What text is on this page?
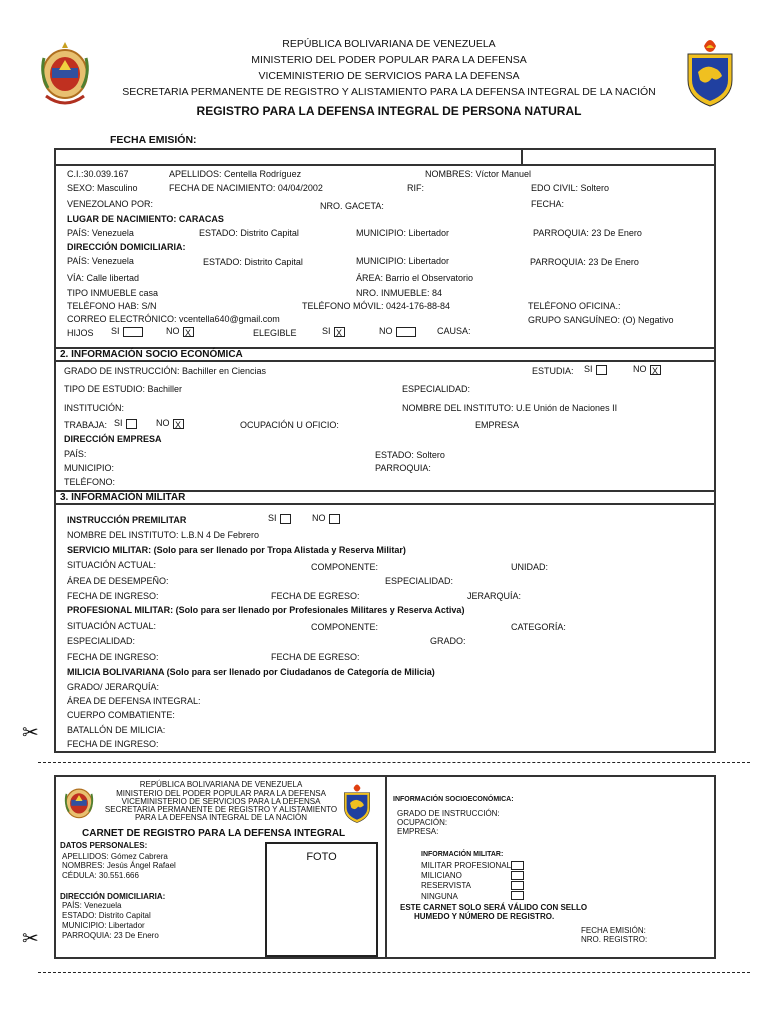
REPÚBLICA BOLIVARIANA DE VENEZUELA
MINISTERIO DEL PODER POPULAR PARA LA DEFENSA
VICEMINISTERIO DE SERVICIOS PARA LA DEFENSA
SECRETARIA PERMANENTE DE REGISTRO Y ALISTAMIENTO PARA LA DEFENSA INTEGRAL DE LA NACIÓN
REGISTRO PARA LA DEFENSA INTEGRAL DE PERSONA NATURAL
FECHA EMISIÓN:
C.I.:30.039.167	APELLIDOS: Centella Rodríguez	NOMBRES: Víctor Manuel
SEXO: Masculino	FECHA DE NACIMIENTO: 04/04/2002	RIF:	EDO CIVIL: Soltero
VENEZOLANO POR:	NRO. GACETA:	FECHA:
LUGAR DE NACIMIENTO: CARACAS
PAÍS: Venezuela	ESTADO: Distrito Capital	MUNICIPIO: Libertador	PARROQUIA: 23 De Enero
DIRECCIÓN DOMICILIARIA:
PAÍS: Venezuela	ESTADO: Distrito Capital	MUNICIPIO: Libertador	PARROQUIA: 23 De Enero
VÍA: Calle libertad	ÁREA: Barrio el Observatorio
TIPO INMUEBLE casa	NRO. INMUEBLE: 84
TELÉFONO HAB: S/N	TELÉFONO MÓVIL: 0424-176-88-84	TELÉFONO OFICINA.:
CORREO ELECTRÓNICO: vcentella640@gmail.com	GRUPO SANGUÍNEO: (O) Negativo
HIJOS SI	NO X	ELEGIBLE	SI X	NO	CAUSA:
2. INFORMACIÓN SOCIO ECONÓMICA
GRADO DE INSTRUCCIÓN: Bachiller en Ciencias	ESTUDIA: SI	NO X
TIPO DE ESTUDIO: Bachiller	ESPECIALIDAD:
INSTITUCIÓN:	NOMBRE DEL INSTITUTO: U.E Unión de Naciones II
TRABAJA: SI	NO X	OCUPACIÓN U OFICIO:	EMPRESA
DIRECCIÓN EMPRESA
PAÍS:	ESTADO: Soltero
MUNICIPIO:	PARROQUIA:
TELÉFONO:
3. INFORMACIÓN MILITAR
INSTRUCCIÓN PREMILITAR	SI	NO
NOMBRE DEL INSTITUTO: L.B.N 4 De Febrero
SERVICIO MILITAR: (Solo para ser llenado por Tropa Alistada y Reserva Militar)
SITUACIÓN ACTUAL:	COMPONENTE:	UNIDAD:
ÁREA DE DESEMPEÑO:	ESPECIALIDAD:
FECHA DE INGRESO:	FECHA DE EGRESO:	JERARQUÍA:
PROFESIONAL MILITAR: (Solo para ser llenado por Profesionales Militares y Reserva Activa)
SITUACIÓN ACTUAL:	COMPONENTE:	CATEGORÍA:
ESPECIALIDAD:	GRADO:
FECHA DE INGRESO:	FECHA DE EGRESO:
MILICIA BOLIVARIANA (Solo para ser llenado por Ciudadanos de Categoría de Milicia)
GRADO/ JERARQUÍA:
ÁREA DE DEFENSA INTEGRAL:
CUERPO COMBATIENTE:
BATALLÓN DE MILICIA:
FECHA DE INGRESO:
✂
✂
REPÚBLICA BOLIVARIANA DE VENEZUELA
MINISTERIO DEL PODER POPULAR PARA LA DEFENSA
VICEMINISTERIO DE SERVICIOS PARA LA DEFENSA
SECRETARIA PERMANENTE DE REGISTRO Y ALISTAMIENTO
PARA LA DEFENSA INTEGRAL DE LA NACIÓN
CARNET DE REGISTRO PARA LA DEFENSA INTEGRAL
DATOS PERSONALES:
APELLIDOS: Gómez Cabrera
NOMBRES: Jesús Ángel Rafael
CÉDULA: 30.551.666
DIRECCIÓN DOMICILIARIA:
PAÍS: Venezuela
ESTADO: Distrito Capital
MUNICIPIO: Libertador
PARROQUIA: 23 De Enero
FOTO
INFORMACIÓN SOCIOECONÓMICA:
GRADO DE INSTRUCCIÓN:
OCUPACIÓN:
EMPRESA:
INFORMACIÓN MILITAR:
MILITAR PROFESIONAL
MILICIANO
RESERVISTA
NINGUNA
ESTE CARNET SOLO SERÁ VÁLIDO CON SELLO
HUMEDO Y NÚMERO DE REGISTRO.
FECHA EMISIÓN:
NRO. REGISTRO:
